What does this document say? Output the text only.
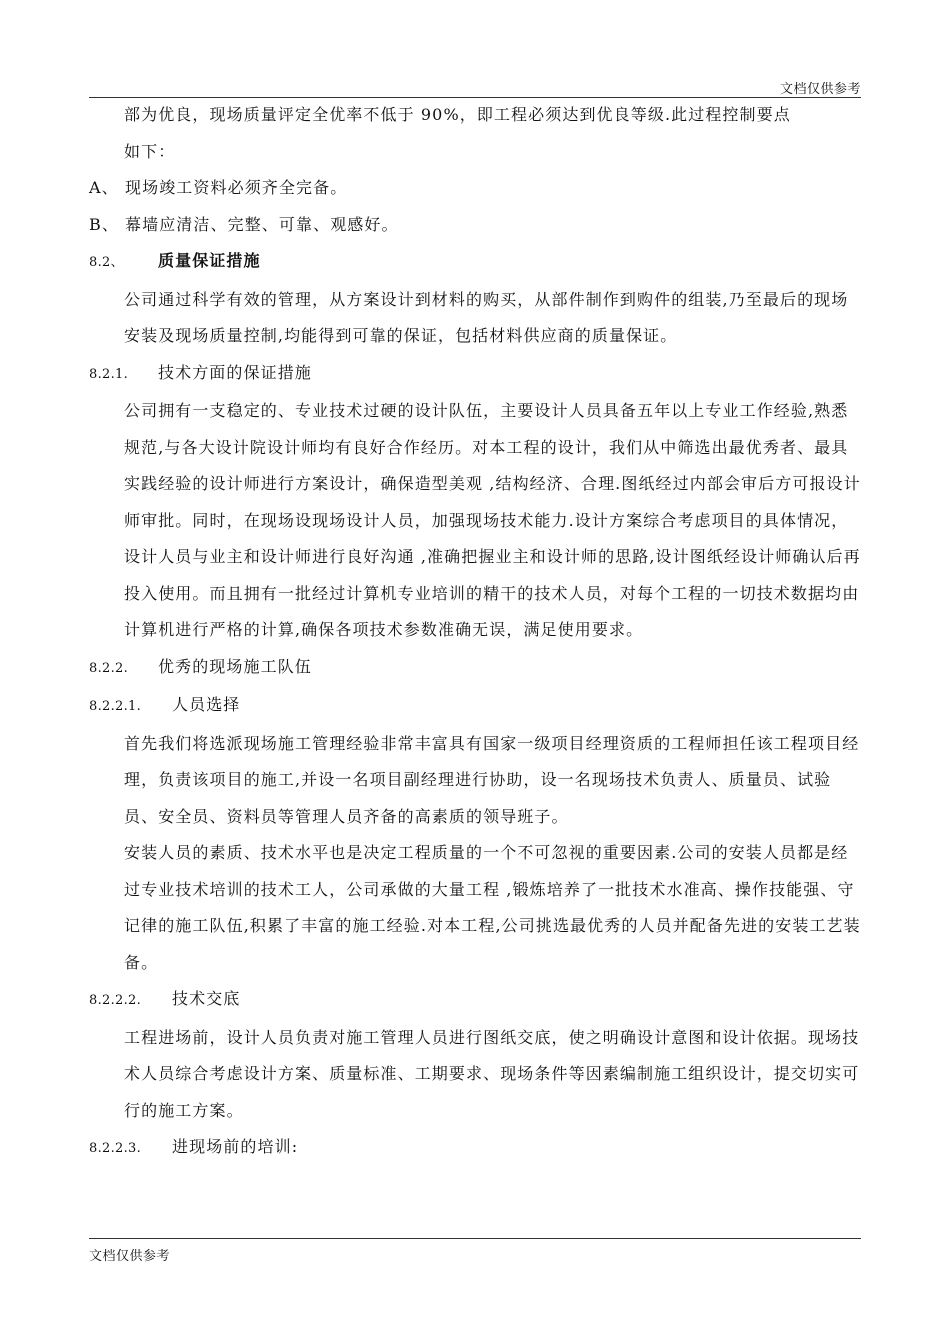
文档仅供参考

部为优良，现场质量评定全优率不低于 90%，即工程必须达到优良等级.此过程控制要点

如下：

A、 现场竣工资料必须齐全完备。
B、 幕墙应清洁、完整、可靠、观感好。
8.2、	质量保证措施

公司通过科学有效的管理，从方案设计到材料的购买，从部件制作到购件的组装,乃至最后的现场安装及现场质量控制,均能得到可靠的保证，包括材料供应商的质量保证。

8.2.1.	技术方面的保证措施

公司拥有一支稳定的、专业技术过硬的设计队伍，主要设计人员具备五年以上专业工作经验,熟悉规范,与各大设计院设计师均有良好合作经历。对本工程的设计，我们从中筛选出最优秀者、最具实践经验的设计师进行方案设计，确保造型美观 ,结构经济、合理.图纸经过内部会审后方可报设计师审批。同时，在现场设现场设计人员，加强现场技术能力.设计方案综合考虑项目的具体情况，设计人员与业主和设计师进行良好沟通 ,准确把握业主和设计师的思路,设计图纸经设计师确认后再投入使用。而且拥有一批经过计算机专业培训的精干的技术人员，对每个工程的一切技术数据均由计算机进行严格的计算,确保各项技术参数准确无误，满足使用要求。

8.2.2.	优秀的现场施工队伍
8.2.2.1.	人员选择

首先我们将选派现场施工管理经验非常丰富具有国家一级项目经理资质的工程师担任该工程项目经理，负责该项目的施工,并设一名项目副经理进行协助，设一名现场技术负责人、质量员、试验员、安全员、资料员等管理人员齐备的高素质的领导班子。

安装人员的素质、技术水平也是决定工程质量的一个不可忽视的重要因素.公司的安装人员都是经过专业技术培训的技术工人，公司承做的大量工程 ,锻炼培养了一批技术水准高、操作技能强、守记律的施工队伍,积累了丰富的施工经验.对本工程,公司挑选最优秀的人员并配备先进的安装工艺装备。

8.2.2.2.	技术交底

工程进场前，设计人员负责对施工管理人员进行图纸交底，使之明确设计意图和设计依据。现场技术人员综合考虑设计方案、质量标准、工期要求、现场条件等因素编制施工组织设计，提交切实可行的施工方案。

8.2.2.3.	进现场前的培训:
文档仅供参考
